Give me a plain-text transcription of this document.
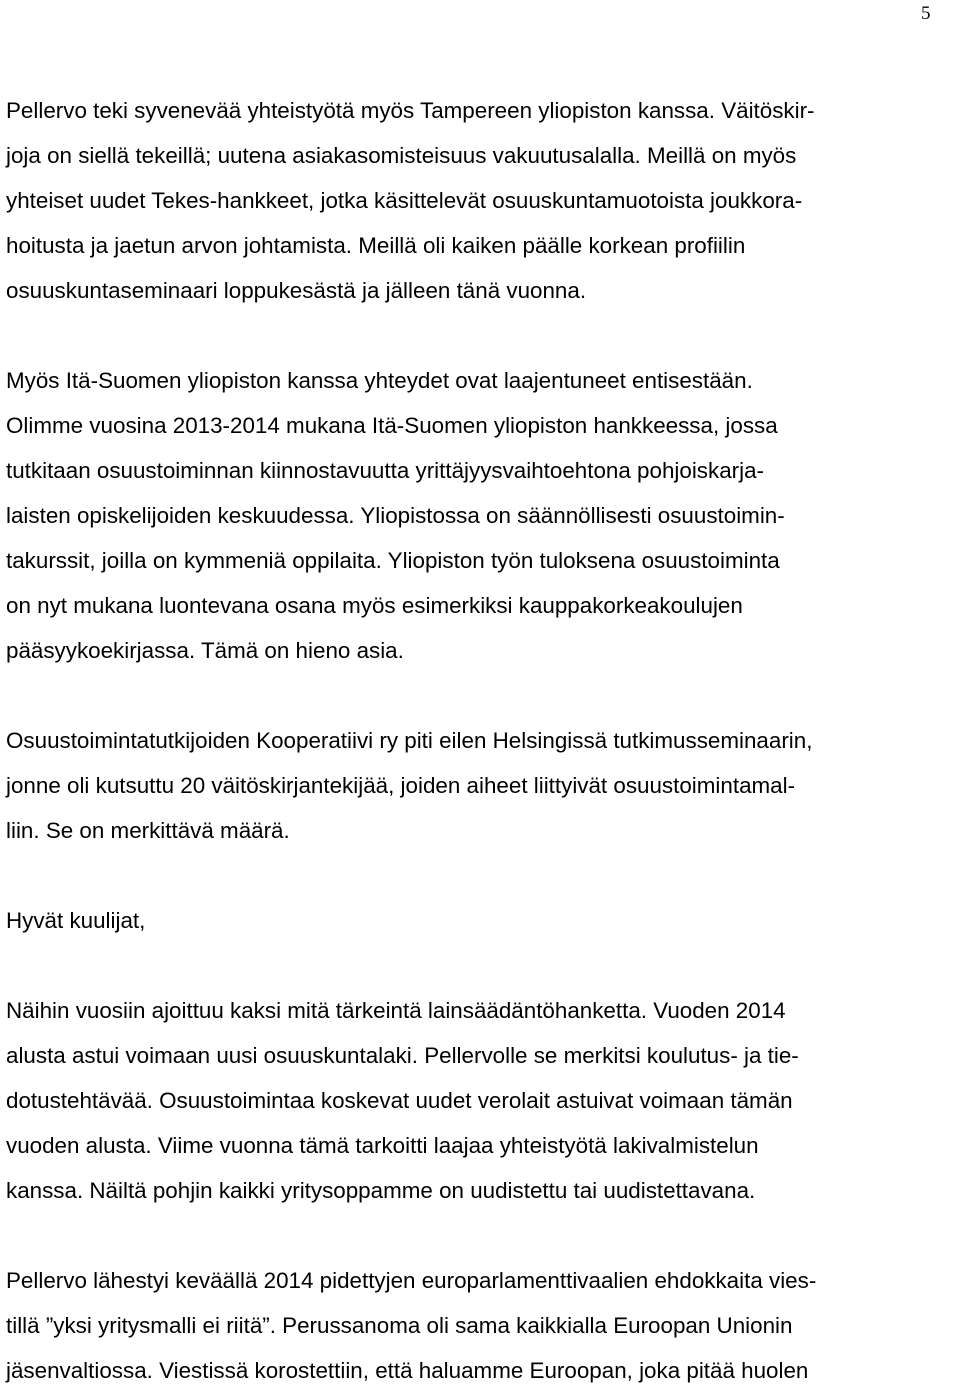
5
Pellervo teki syvenevää yhteistyötä myös Tampereen yliopiston kanssa. Väitöskir-
joja on siellä tekeillä; uutena asiakasomisteisuus vakuutusalalla. Meillä on myös
yhteiset uudet Tekes-hankkeet, jotka käsittelevät osuuskuntamuotoista joukkora-
hoitusta ja jaetun arvon johtamista. Meillä oli kaiken päälle korkean profiilin
osuuskuntaseminaari loppukesästä ja jälleen tänä vuonna.
Myös Itä-Suomen yliopiston kanssa yhteydet ovat laajentuneet entisestään.
Olimme vuosina 2013-2014 mukana Itä-Suomen yliopiston hankkeessa, jossa
tutkitaan osuustoiminnan kiinnostavuutta yrittäjyysvaihtoehtona pohjoiskarja-
laisten opiskelijoiden keskuudessa. Yliopistossa on säännöllisesti osuustoimin-
takurssit, joilla on kymmeniä oppilaita. Yliopiston työn tuloksena osuustoiminta
on nyt mukana luontevana osana myös esimerkiksi kauppakorkeakoulujen
pääsyykoekirjassa. Tämä on hieno asia.
Osuustoimintatutkijoiden Kooperatiivi ry piti eilen Helsingissä tutkimusseminaarin,
jonne oli kutsuttu 20 väitöskirjantekijää, joiden aiheet liittyivät osuustoimintamal-
liin. Se on merkittävä määrä.
Hyvät kuulijat,
Näihin vuosiin ajoittuu kaksi mitä tärkeintä lainsäädäntöhanketta. Vuoden 2014
alusta astui voimaan uusi osuuskuntalaki. Pellervolle se merkitsi koulutus- ja tie-
dotustehtävää. Osuustoimintaa koskevat uudet verolait astuivat voimaan tämän
vuoden alusta. Viime vuonna tämä tarkoitti laajaa yhteistyötä lakivalmistelun
kanssa. Näiltä pohjin kaikki yritysoppamme on uudistettu tai uudistettavana.
Pellervo lähestyi keväällä 2014 pidettyjen europarlamenttivaalien ehdokkaita vies-
tillä ”yksi yritysmalli ei riitä”. Perussanoma oli sama kaikkialla Euroopan Unionin
jäsenvaltiossa. Viestissä korostettiin, että haluamme Euroopan, joka pitää huolen
